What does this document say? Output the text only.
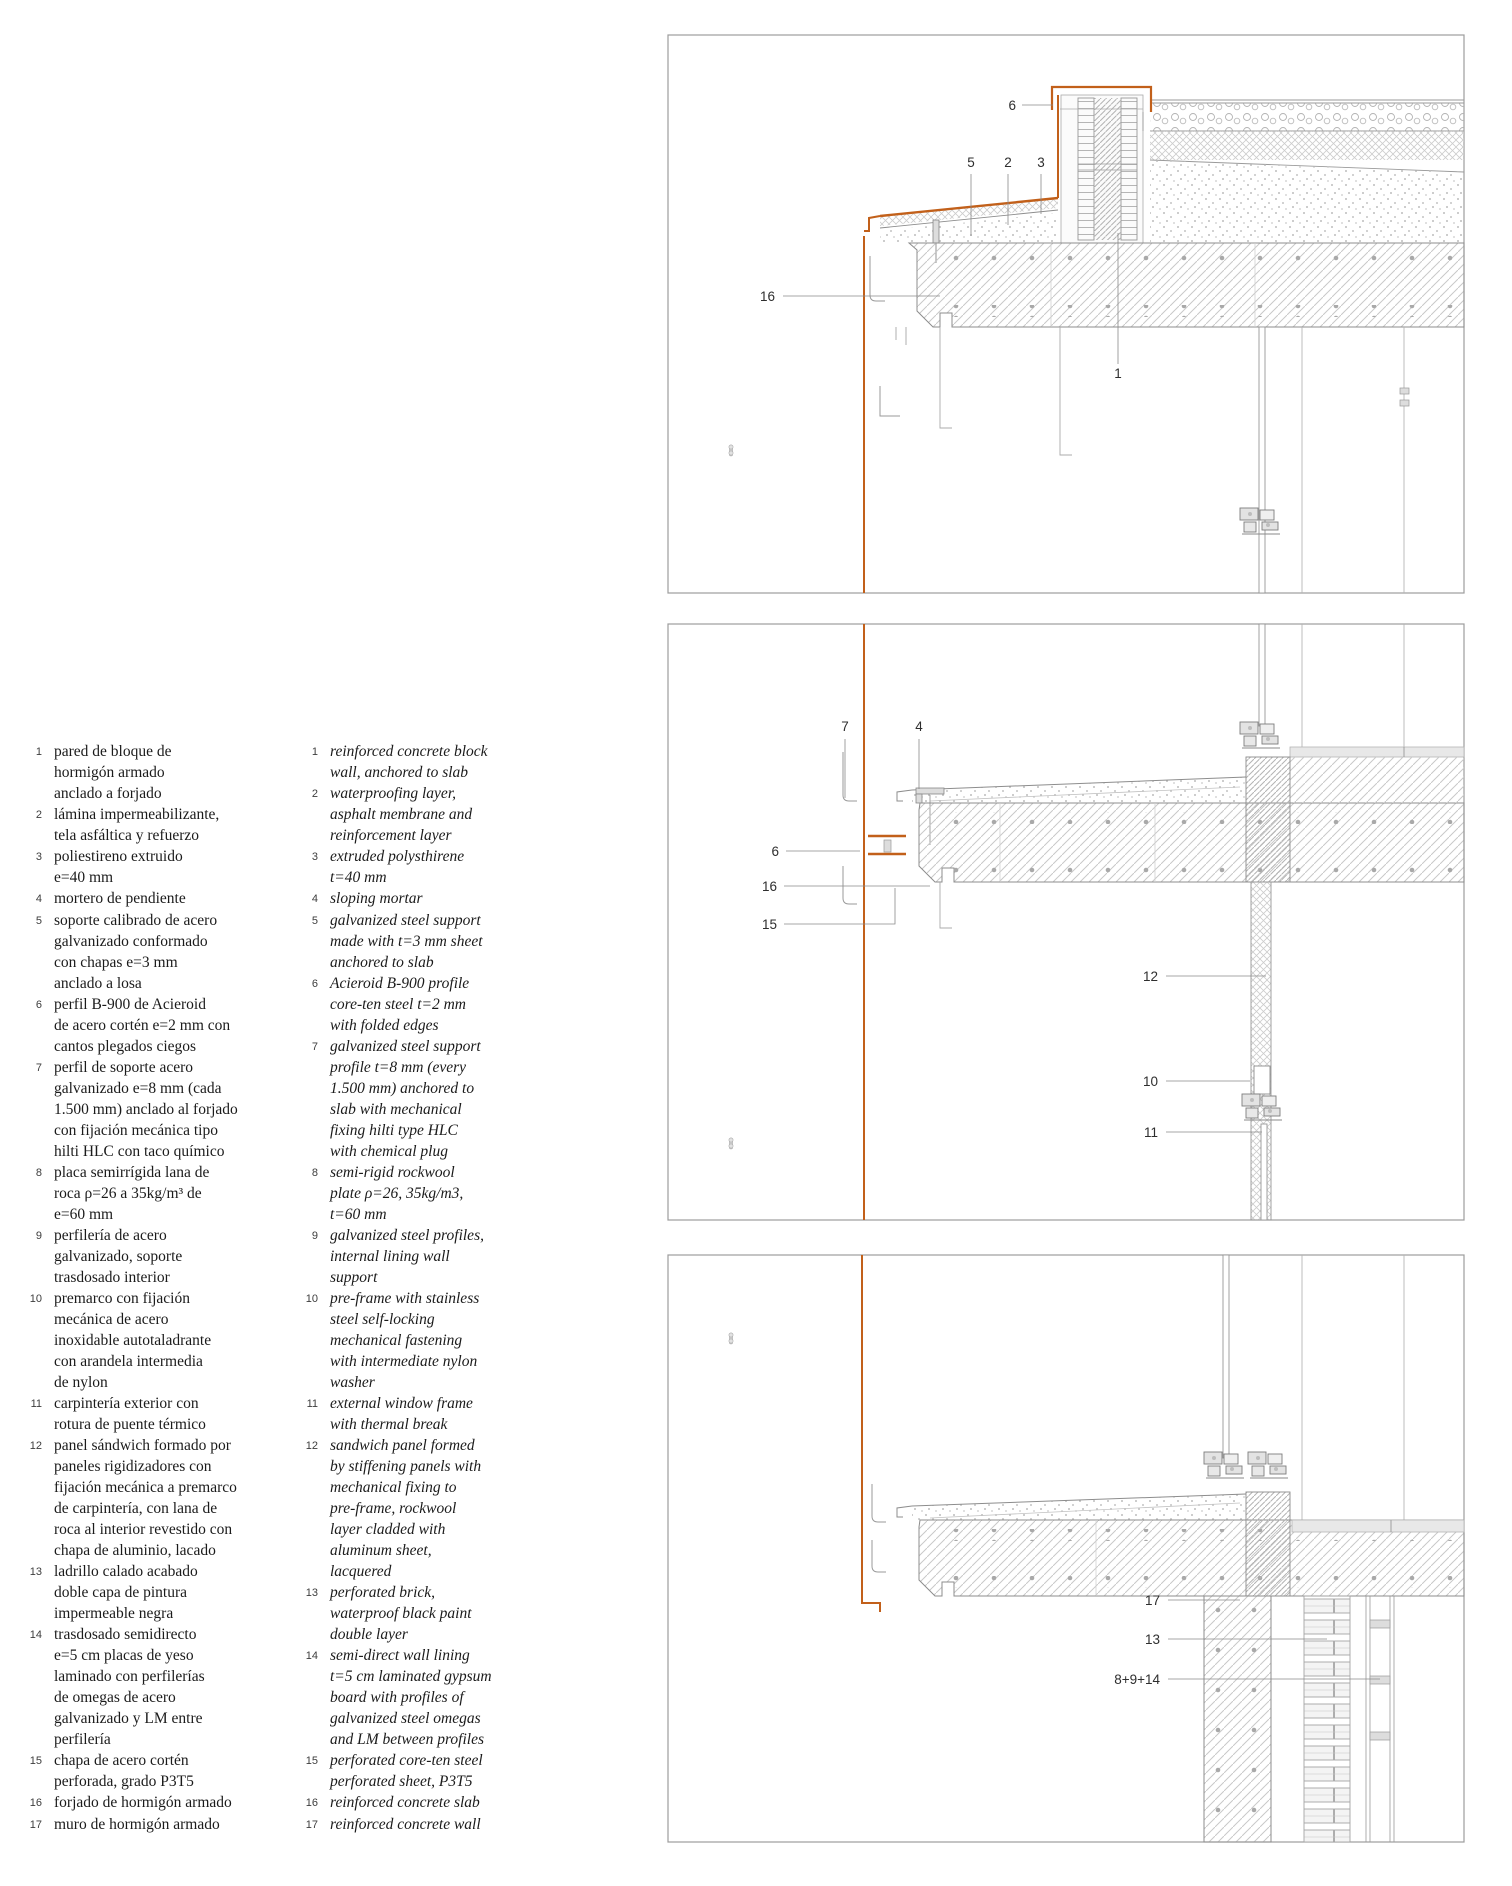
1 pared de bloque de
hormigón armado
anclado a forjado
2 lámina impermeabilizante,
tela asfáltica y refuerzo
3 poliestireno extruido
e=40 mm
4 mortero de pendiente
5 soporte calibrado de acero
galvanizado conformado
con chapas e=3 mm
anclado a losa
6 perfil B-900 de Acieroid
de acero cortén e=2 mm con
cantos plegados ciegos
7 perfil de soporte acero
galvanizado e=8 mm (cada
1.500 mm) anclado al forjado
con fijación mecánica tipo
hilti HLC con taco químico
8 placa semirrígida lana de
roca ρ=26 a 35kg/m³ de
e=60 mm
9 perfilería de acero
galvanizado, soporte
trasdosado interior
10 premarco con fijación
mecánica de acero
inoxidable autotaladrante
con arandela intermedia
de nylon
11 carpintería exterior con
rotura de puente térmico
12 panel sándwich formado por
paneles rigidizadores con
fijación mecánica a premarco
de carpintería, con lana de
roca al interior revestido con
chapa de aluminio, lacado
13 ladrillo calado acabado
doble capa de pintura
impermeable negra
14 trasdosado semidirecto
e=5 cm placas de yeso
laminado con perfilerías
de omegas de acero
galvanizado y LM entre
perfilería
15 chapa de acero cortén
perforada, grado P3T5
16 forjado de hormigón armado
17 muro de hormigón armado
1 reinforced concrete block
wall, anchored to slab
2 waterproofing layer,
asphalt membrane and
reinforcement layer
3 extruded polysthirene
t=40 mm
4 sloping mortar
5 galvanized steel support
made with t=3 mm sheet
anchored to slab
6 Acieroid B-900 profile
core-ten steel t=2 mm
with folded edges
7 galvanized steel support
profile t=8 mm (every
1.500 mm) anchored to
slab with mechanical
fixing hilti type HLC
with chemical plug
8 semi-rigid rockwool
plate ρ=26, 35kg/m3,
t=60 mm
9 galvanized steel profiles,
internal lining wall
support
10 pre-frame with stainless
steel self-locking
mechanical fastening
with intermediate nylon
washer
11 external window frame
with thermal break
12 sandwich panel formed
by stiffening panels with
mechanical fixing to
pre-frame, rockwool
layer cladded with
aluminum sheet,
lacquered
13 perforated brick,
waterproof black paint
double layer
14 semi-direct wall lining
t=5 cm laminated gypsum
board with profiles of
galvanized steel omegas
and LM between profiles
15 perforated core-ten steel
perforated sheet, P3T5
16 reinforced concrete slab
17 reinforced concrete wall
6
5 2 3
16
1
7	4
6
16
15
12
10
11
17
13
8+9+14
